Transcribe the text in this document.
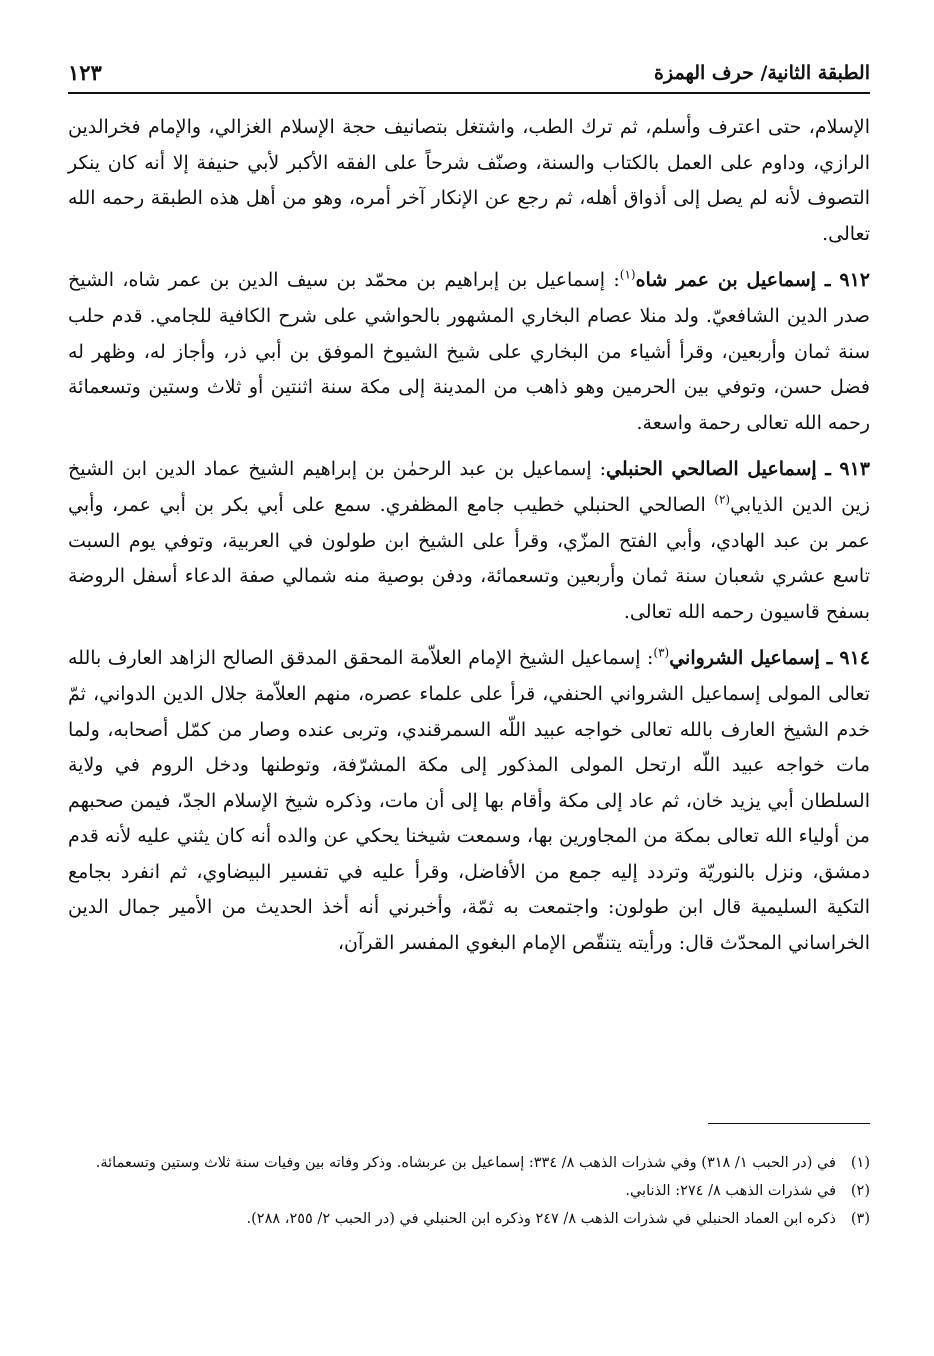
الطبقة الثانية/ حرف الهمزة
١٢٣

الإسلام، حتى اعترف وأسلم، ثم ترك الطب، واشتغل بتصانيف حجة الإسلام الغزالي، والإمام فخرالدين الرازي، وداوم على العمل بالكتاب والسنة، وصنّف شرحاً على الفقه الأكبر لأبي حنيفة إلا أنه كان ينكر التصوف لأنه لم يصل إلى أذواق أهله، ثم رجع عن الإنكار آخر أمره، وهو من أهل هذه الطبقة رحمه الله تعالى.

٩١٢ ـ إسماعيل بن عمر شاه$^{(١)}$: إسماعيل بن إبراهيم بن محمّد بن سيف الدين بن عمر شاه، الشيخ صدر الدين الشافعيّ. ولد منلا عصام البخاري المشهور بالحواشي على شرح الكافية للجامي. قدم حلب سنة ثمان وأربعين، وقرأ أشياء من البخاري على شيخ الشيوخ الموفق بن أبي ذر، وأجاز له، وظهر له فضل حسن، وتوفي بين الحرمين وهو ذاهب من المدينة إلى مكة سنة اثنتين أو ثلاث وستين وتسعمائة رحمه الله تعالى رحمة واسعة.

٩١٣ ـ إسماعيل الصالحي الحنبلي: إسماعيل بن عبد الرحمٰن بن إبراهيم الشيخ عماد الدين ابن الشيخ زين الدين الذيابي$^{(٢)}$ الصالحي الحنبلي خطيب جامع المظفري. سمع على أبي بكر بن أبي عمر، وأبي عمر بن عبد الهادي، وأبي الفتح المزّي، وقرأ على الشيخ ابن طولون في العربية، وتوفي يوم السبت تاسع عشري شعبان سنة ثمان وأربعين وتسعمائة، ودفن بوصية منه شمالي صفة الدعاء أسفل الروضة بسفح قاسيون رحمه الله تعالى.

٩١٤ ـ إسماعيل الشرواني$^{(٣)}$: إسماعيل الشيخ الإمام العلاّمة المحقق المدقق الصالح الزاهد العارف بالله تعالى المولى إسماعيل الشرواني الحنفي، قرأ على علماء عصره، منهم العلاّمة جلال الدين الدواني، ثمّ خدم الشيخ العارف بالله تعالى خواجه عبيد اللّه السمرقندي، وتربى عنده وصار من كمّل أصحابه، ولما مات خواجه عبيد اللّه ارتحل المولى المذكور إلى مكة المشرّفة، وتوطنها ودخل الروم في ولاية السلطان أبي يزيد خان، ثم عاد إلى مكة وأقام بها إلى أن مات، وذكره شيخ الإسلام الجدّ، فيمن صحبهم من أولياء الله تعالى بمكة من المجاورين بها، وسمعت شيخنا يحكي عن والده أنه كان يثني عليه لأنه قدم دمشق، ونزل بالنوريّة وتردد إليه جمع من الأفاضل، وقرأ عليه في تفسير البيضاوي، ثم انفرد بجامع التكية السليمية قال ابن طولون: واجتمعت به ثمّة، وأخبرني أنه أخذ الحديث من الأمير جمال الدين الخراساني المحدّث قال: ورأيته يتنقّص الإمام البغوي المفسر القرآن،

(١)
في (در الحبب ١/ ٣١٨) وفي شذرات الذهب ٨/ ٣٣٤: إسماعيل بن عربشاه. وذكر وفاته بين وفيات سنة ثلاث وستين وتسعمائة.
(٢)
في شذرات الذهب ٨/ ٢٧٤: الذنابي.
(٣)
ذكره ابن العماد الحنبلي في شذرات الذهب ٨/ ٢٤٧ وذكره ابن الحنبلي في (در الحبب ٢/ ٢٥٥، ٢٨٨).
